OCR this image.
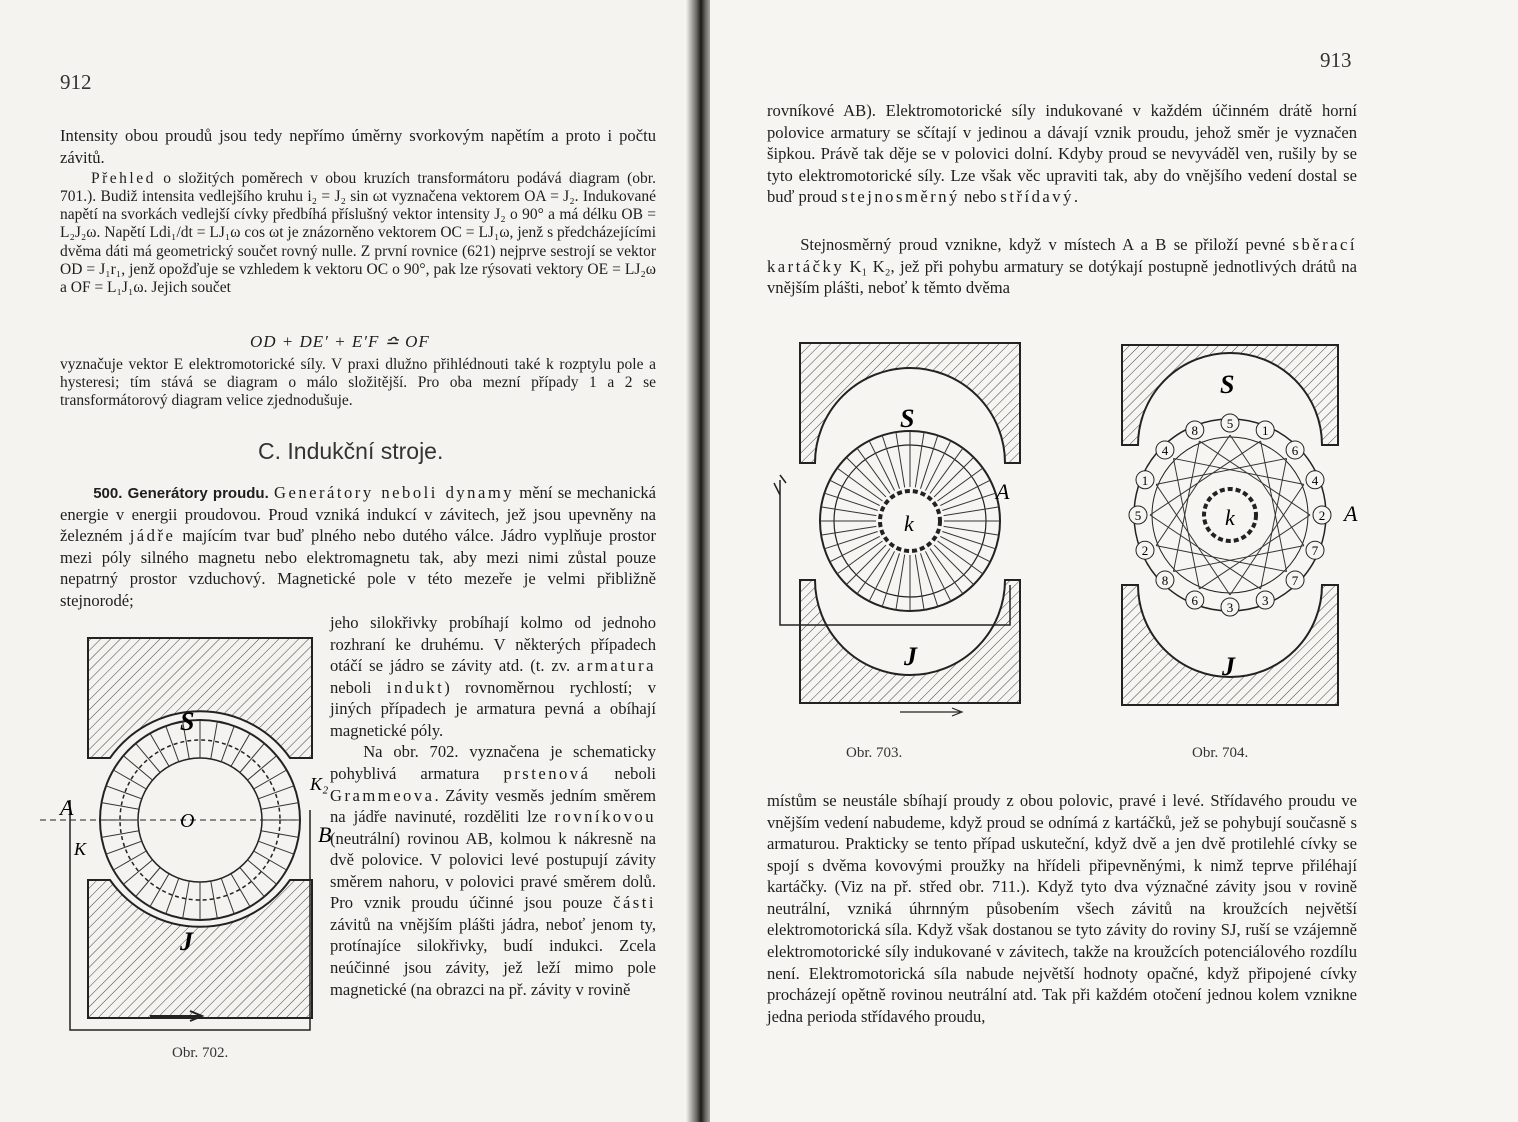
912

Intensity obou proudů jsou tedy nepřímo úměrny svorkovým napětím a proto i počtu závitů.

Přehled o složitých poměrech v obou kruzích transformátoru podává diagram (obr. 701.). Budiž intensita vedlejšího kruhu i₂ = J₂ sin ωt vyznačena vektorem OA = J₂. Indukované napětí na svorkách vedlejší cívky předbíhá příslušný vektor intensity J₂ o 90° a má délku OB = L₂J₂ω. Napětí Ldi₁/dt = LJ₁ω cos ωt je znázorněno vektorem OC = LJ₁ω, jenž s předcházejícími dvěma dáti má geometrický součet rovný nulle. Z první rovnice (621) nejprve sestrojí se vektor OD = J₁r₁, jenž opožďuje se vzhledem k vektoru OC o 90°, pak lze rýsovati vektory OE = LJ₂ω a OF = L₁J₁ω. Jejich součet
OD + DE′ + E′F ≏ OF
vyznačuje vektor E elektromotorické síly. V praxi dlužno přihlédnouti také k rozptylu pole a hysteresi; tím stává se diagram o málo složitější. Pro oba mezní případy 1 a 2 se transformátorový diagram velice zjednodušuje.
C. Indukční stroje.
500. Generátory proudu. Generátory neboli dynamy mění se mechanická energie v energii proudovou. Proud vzniká indukcí v závitech, jež jsou upevněny na železném jádře majícím tvar buď plného nebo dutého válce. Jádro vyplňuje prostor mezi póly silného magnetu nebo elektromagnetu tak, aby mezi nimi zůstal pouze nepatrný prostor vzduchový. Magnetické pole v této mezeře je velmi přibližně stejnorodé;
jeho silokřivky probíhají kolmo od jednoho rozhraní ke druhému. V některých případech otáčí se jádro se závity atd. (t. zv. armatura neboli indukt) rovnoměrnou rychlostí; v jiných případech je armatura pevná a obíhají magnetické póly.

Na obr. 702. vyznačena je schematicky pohyblivá armatura prstenová neboli Grammeova. Závity vesměs jedním směrem na jádře navinuté, rozděliti lze rovníkovou (neutrální) rovinou AB, kolmou k nákresně na dvě polovice. V polovici levé postupují závity směrem nahoru, v polovici pravé směrem dolů. Pro vznik proudu účinné jsou pouze části závitů na vnějším plášti jádra, neboť jenom ty, protínajíce silokřivky, budí indukci. Zcela neúčinné jsou závity, jež leží mimo pole magnetické (na obrazci na př. závity v rovině

S
J
A
B
O
K
K₂
Obr. 702.
913
rovníkové AB). Elektromotorické síly indukované v každém účinném drátě horní polovice armatury se sčítají v jedinou a dávají vznik proudu, jehož směr je vyznačen šipkou. Právě tak děje se v polovici dolní. Kdyby proud se nevyváděl ven, rušily by se tyto elektromotorické síly. Lze však věc upraviti tak, aby do vnějšího vedení dostal se buď proud stejnosměrný nebo střídavý.
Stejnosměrný proud vznikne, když v místech A a B se přiloží pevné sběrací kartáčky K₁ K₂, jež při pohybu armatury se dotýkají postupně jednotlivých drátů na vnějším plášti, neboť k těmto dvěma
S
J
A
k
Obr. 703.
8 5 1
6
4
2
7
7
3
3
6
8
2
5
1
4
S
J
A
k
Obr. 704.
místům se neustále sbíhají proudy z obou polovic, pravé i levé. Střídavého proudu ve vnějším vedení nabudeme, když proud se odnímá z kartáčků, jež se pohybují současně s armaturou. Prakticky se tento případ uskuteční, když dvě a jen dvě protilehlé cívky se spojí s dvěma kovovými proužky na hřídeli připevněnými, k nimž teprve přiléhají kartáčky. (Viz na př. střed obr. 711.). Když tyto dva význačné závity jsou v rovině neutrální, vzniká úhrnným působením všech závitů na kroužcích největší elektromotorická síla. Když však dostanou se tyto závity do roviny SJ, ruší se vzájemně elektromotorické síly indukované v závitech, takže na kroužcích potenciálového rozdílu není. Elektromotorická síla nabude největší hodnoty opačné, když připojené cívky procházejí opětně rovinou neutrální atd. Tak při každém otočení jednou kolem vznikne jedna perioda střídavého proudu,
